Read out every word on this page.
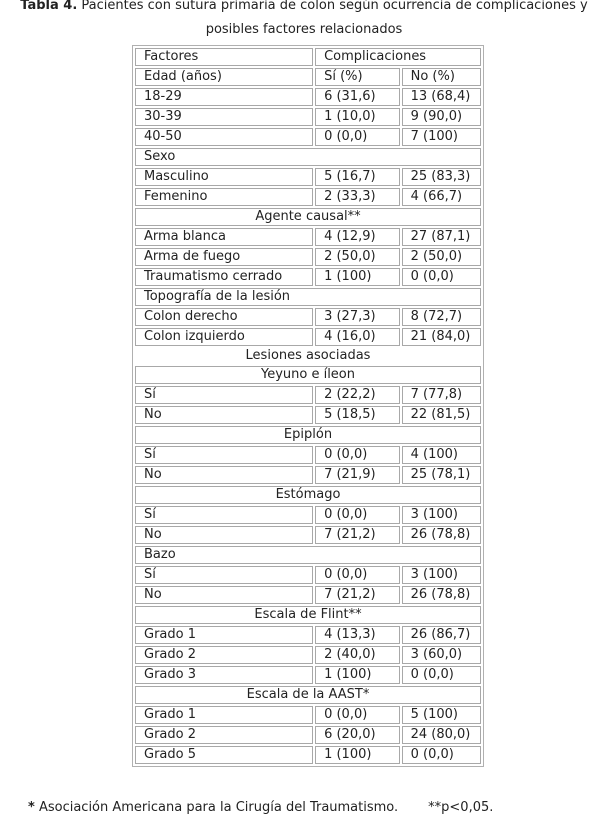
Tabla 4. Pacientes con sutura primaria de colon según ocurrencia de complicaciones y
posibles factores relacionados
Factores	Complicaciones	
Edad (años)	Sí (%)	No (%)
18-29	6 (31,6)	13 (68,4)
30-39	1 (10,0)	9 (90,0)
40-50	0 (0,0)	7 (100)
Sexo		
Masculino	5 (16,7)	25 (83,3)
Femenino	2 (33,3)	4 (66,7)
Agente causal**		
Arma blanca	4 (12,9)	27 (87,1)
Arma de fuego	2 (50,0)	2 (50,0)
Traumatismo cerrado	1 (100)	0 (0,0)
Topografía de la lesión		
Colon derecho	3 (27,3)	8 (72,7)
Colon izquierdo	4 (16,0)	21 (84,0)
Lesiones asociadas		
Yeyuno e íleon		
Sí	2 (22,2)	7 (77,8)
No	5 (18,5)	22 (81,5)
Epiplón		
Sí	0 (0,0)	4 (100)
No	7 (21,9)	25 (78,1)
Estómago		
Sí	0 (0,0)	3 (100)
No	7 (21,2)	26 (78,8)
Bazo		
Sí	0 (0,0)	3 (100)
No	7 (21,2)	26 (78,8)
Escala de Flint**		
Grado 1	4 (13,3)	26 (86,7)
Grado 2	2 (40,0)	3 (60,0)
Grado 3	1 (100)	0 (0,0)
Escala de la AAST*		
Grado 1	0 (0,0)	5 (100)
Grado 2	6 (20,0)	24 (80,0)
Grado 5	1 (100)	0 (0,0)
* Asociación Americana para la Cirugía del Traumatismo. **p<0,05.
